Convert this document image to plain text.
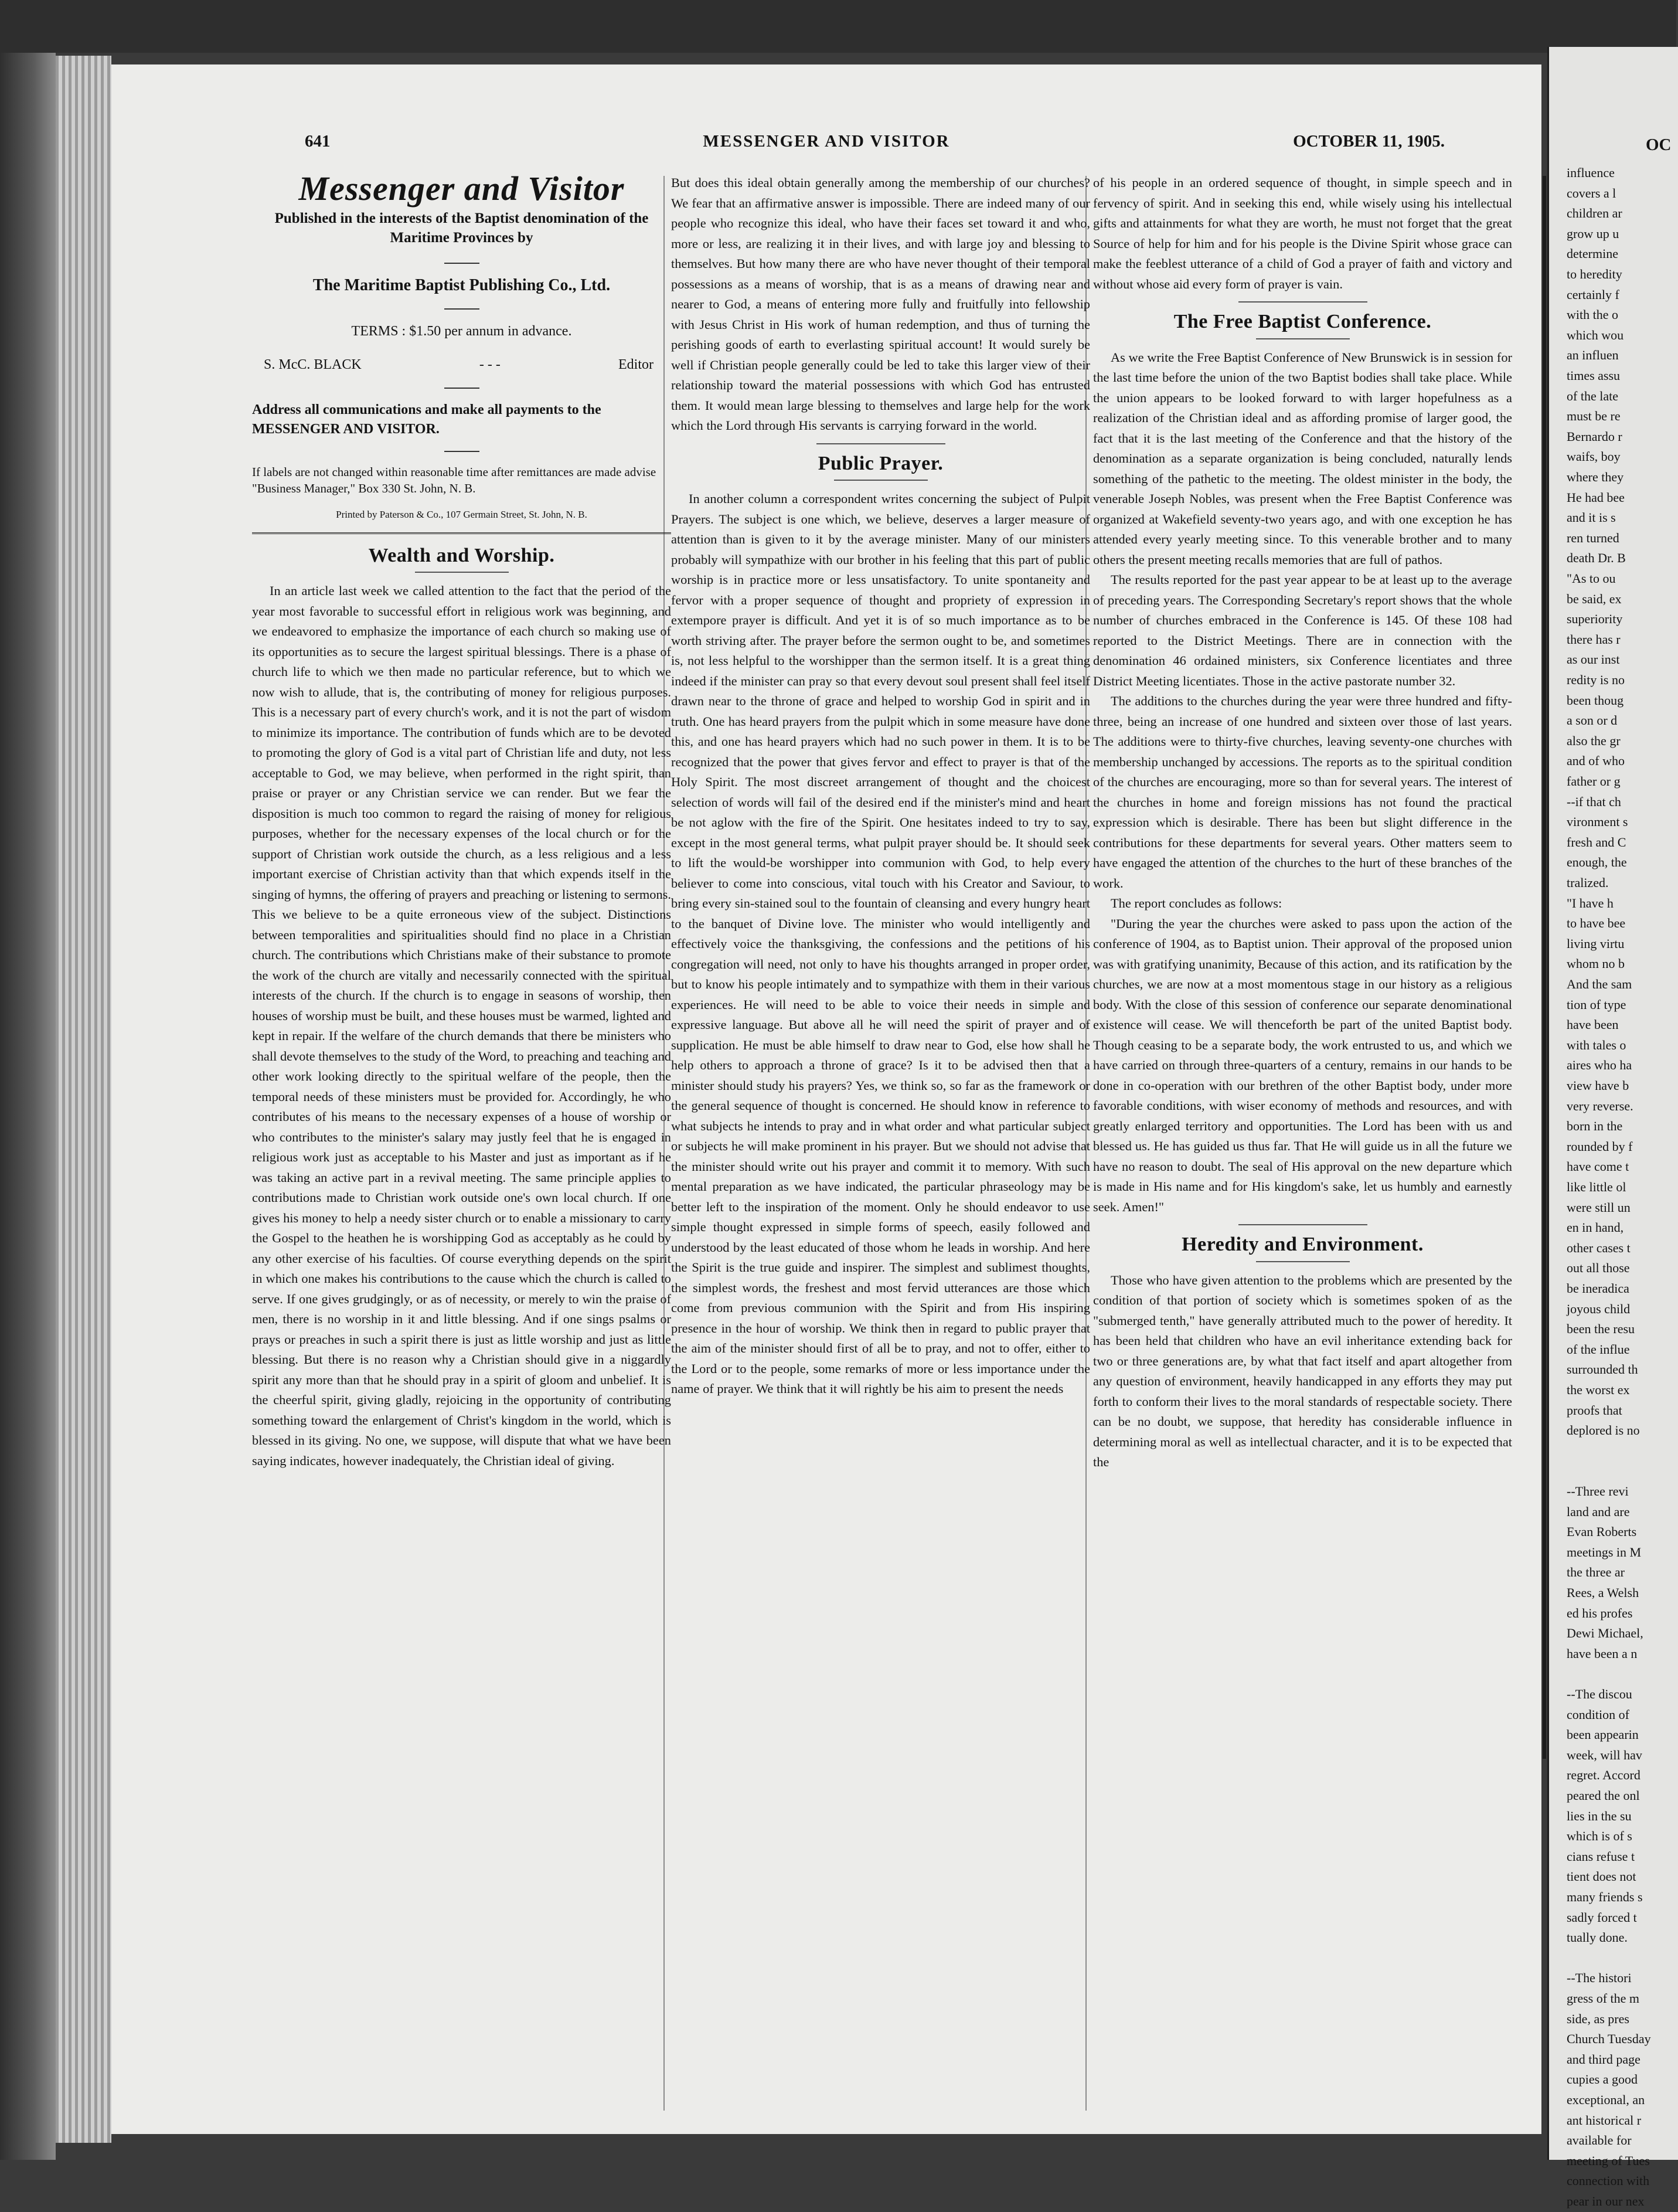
641	MESSENGER AND VISITOR	OCTOBER 11, 1905.
Messenger and Visitor
Published in the interests of the Baptist denomination of the Maritime Provinces by
The Maritime Baptist Publishing Co., Ltd.
TERMS : $1.50 per annum in advance.
S. McC. BLACK	- - -	Editor
Address all communications and make all payments to the MESSENGER AND VISITOR.
If labels are not changed within reasonable time after remittances are made advise "Business Manager," Box 330 St. John, N. B.
Printed by Paterson & Co., 107 Germain Street, St. John, N. B.
Wealth and Worship.

In an article last week we called attention to the fact that the period of the year most favorable to successful effort in religious work was beginning, and we endeavored to emphasize the importance of each church so making use of its opportunities as to secure the largest spiritual blessings. There is a phase of church life to which we then made no particular reference, but to which we now wish to allude, that is, the contributing of money for religious purposes. This is a necessary part of every church's work, and it is not the part of wisdom to minimize its importance. The contribution of funds which are to be devoted to promoting the glory of God is a vital part of Christian life and duty, not less acceptable to God, we may believe, when performed in the right spirit, than praise or prayer or any Christian service we can render. But we fear the disposition is much too common to regard the raising of money for religious purposes, whether for the necessary expenses of the local church or for the support of Christian work outside the church, as a less religious and a less important exercise of Christian activity than that which expends itself in the singing of hymns, the offering of prayers and preaching or listening to sermons. This we believe to be a quite erroneous view of the subject. Distinctions between temporalities and spiritualities should find no place in a Christian church. The contributions which Christians make of their substance to promote the work of the church are vitally and necessarily connected with the spiritual interests of the church. If the church is to engage in seasons of worship, then houses of worship must be built, and these houses must be warmed, lighted and kept in repair. If the welfare of the church demands that there be ministers who shall devote themselves to the study of the Word, to preaching and teaching and other work looking directly to the spiritual welfare of the people, then the temporal needs of these ministers must be provided for. Accordingly, he who contributes of his means to the necessary expenses of a house of worship or who contributes to the minister's salary may justly feel that he is engaged in religious work just as acceptable to his Master and just as important as if he was taking an active part in a revival meeting. The same principle applies to contributions made to Christian work outside one's own local church. If one gives his money to help a needy sister church or to enable a missionary to carry the Gospel to the heathen he is worshipping God as acceptably as he could by any other exercise of his faculties. Of course everything depends on the spirit in which one makes his contributions to the cause which the church is called to serve. If one gives grudgingly, or as of necessity, or merely to win the praise of men, there is no worship in it and little blessing. And if one sings psalms or prays or preaches in such a spirit there is just as little worship and just as little blessing. But there is no reason why a Christian should give in a niggardly spirit any more than that he should pray in a spirit of gloom and unbelief. It is the cheerful spirit, giving gladly, rejoicing in the opportunity of contributing something toward the enlargement of Christ's kingdom in the world, which is blessed in its giving. No one, we suppose, will dispute that what we have been saying indicates, however inadequately, the Christian ideal of giving.

But does this ideal obtain generally among the membership of our churches? We fear that an affirmative answer is impossible. There are indeed many of our people who recognize this ideal, who have their faces set toward it and who, more or less, are realizing it in their lives, and with large joy and blessing to themselves. But how many there are who have never thought of their temporal possessions as a means of worship, that is as a means of drawing near and nearer to God, a means of entering more fully and fruitfully into fellowship with Jesus Christ in His work of human redemption, and thus of turning the perishing goods of earth to everlasting spiritual account! It would surely be well if Christian people generally could be led to take this larger view of their relationship toward the material possessions with which God has entrusted them. It would mean large blessing to themselves and large help for the work which the Lord through His servants is carrying forward in the world.

Public Prayer.

In another column a correspondent writes concerning the subject of Pulpit Prayers. The subject is one which, we believe, deserves a larger measure of attention than is given to it by the average minister. Many of our ministers probably will sympathize with our brother in his feeling that this part of public worship is in practice more or less unsatisfactory. To unite spontaneity and fervor with a proper sequence of thought and propriety of expression in extempore prayer is difficult. And yet it is of so much importance as to be worth striving after. The prayer before the sermon ought to be, and sometimes is, not less helpful to the worshipper than the sermon itself. It is a great thing indeed if the minister can pray so that every devout soul present shall feel itself drawn near to the throne of grace and helped to worship God in spirit and in truth. One has heard prayers from the pulpit which in some measure have done this, and one has heard prayers which had no such power in them. It is to be recognized that the power that gives fervor and effect to prayer is that of the Holy Spirit. The most discreet arrangement of thought and the choicest selection of words will fail of the desired end if the minister's mind and heart be not aglow with the fire of the Spirit. One hesitates indeed to try to say, except in the most general terms, what pulpit prayer should be. It should seek to lift the would-be worshipper into communion with God, to help every believer to come into conscious, vital touch with his Creator and Saviour, to bring every sin-stained soul to the fountain of cleansing and every hungry heart to the banquet of Divine love. The minister who would intelligently and effectively voice the thanksgiving, the confessions and the petitions of his congregation will need, not only to have his thoughts arranged in proper order, but to know his people intimately and to sympathize with them in their various experiences. He will need to be able to voice their needs in simple and expressive language. But above all he will need the spirit of prayer and of supplication. He must be able himself to draw near to God, else how shall he help others to approach a throne of grace? Is it to be advised then that a minister should study his prayers? Yes, we think so, so far as the framework or the general sequence of thought is concerned. He should know in reference to what subjects he intends to pray and in what order and what particular subject or subjects he will make prominent in his prayer. But we should not advise that the minister should write out his prayer and commit it to memory. With such mental preparation as we have indicated, the particular phraseology may be better left to the inspiration of the moment. Only he should endeavor to use simple thought expressed in simple forms of speech, easily followed and understood by the least educated of those whom he leads in worship. And here the Spirit is the true guide and inspirer. The simplest and sublimest thoughts, the simplest words, the freshest and most fervid utterances are those which come from previous communion with the Spirit and from His inspiring presence in the hour of worship. We think then in regard to public prayer that the aim of the minister should first of all be to pray, and not to offer, either to the Lord or to the people, some remarks of more or less importance under the name of prayer. We think that it will rightly be his aim to present the needs

of his people in an ordered sequence of thought, in simple speech and in fervency of spirit. And in seeking this end, while wisely using his intellectual gifts and attainments for what they are worth, he must not forget that the great Source of help for him and for his people is the Divine Spirit whose grace can make the feeblest utterance of a child of God a prayer of faith and victory and without whose aid every form of prayer is vain.

The Free Baptist Conference.

As we write the Free Baptist Conference of New Brunswick is in session for the last time before the union of the two Baptist bodies shall take place. While the union appears to be looked forward to with larger hopefulness as a realization of the Christian ideal and as affording promise of larger good, the fact that it is the last meeting of the Conference and that the history of the denomination as a separate organization is being concluded, naturally lends something of the pathetic to the meeting. The oldest minister in the body, the venerable Joseph Nobles, was present when the Free Baptist Conference was organized at Wakefield seventy-two years ago, and with one exception he has attended every yearly meeting since. To this venerable brother and to many others the present meeting recalls memories that are full of pathos.

The results reported for the past year appear to be at least up to the average of preceding years. The Corresponding Secretary's report shows that the whole number of churches embraced in the Conference is 145. Of these 108 had reported to the District Meetings. There are in connection with the denomination 46 ordained ministers, six Conference licentiates and three District Meeting licentiates. Those in the active pastorate number 32.

The additions to the churches during the year were three hundred and fifty-three, being an increase of one hundred and sixteen over those of last years. The additions were to thirty-five churches, leaving seventy-one churches with membership unchanged by accessions. The reports as to the spiritual condition of the churches are encouraging, more so than for several years. The interest of the churches in home and foreign missions has not found the practical expression which is desirable. There has been but slight difference in the contributions for these departments for several years. Other matters seem to have engaged the attention of the churches to the hurt of these branches of the work.

The report concludes as follows:

"During the year the churches were asked to pass upon the action of the conference of 1904, as to Baptist union. Their approval of the proposed union was with gratifying unanimity, Because of this action, and its ratification by the churches, we are now at a most momentous stage in our history as a religious body. With the close of this session of conference our separate denominational existence will cease. We will thenceforth be part of the united Baptist body. Though ceasing to be a separate body, the work entrusted to us, and which we have carried on through three-quarters of a century, remains in our hands to be done in co-operation with our brethren of the other Baptist body, under more favorable conditions, with wiser economy of methods and resources, and with greatly enlarged territory and opportunities. The Lord has been with us and blessed us. He has guided us thus far. That He will guide us in all the future we have no reason to doubt. The seal of His approval on the new departure which is made in His name and for His kingdom's sake, let us humbly and earnestly seek. Amen!"

Heredity and Environment.

Those who have given attention to the problems which are presented by the condition of that portion of society which is sometimes spoken of as the "submerged tenth," have generally attributed much to the power of heredity. It has been held that children who have an evil inheritance extending back for two or three generations are, by what that fact itself and apart altogether from any question of environment, heavily handicapped in any efforts they may put forth to conform their lives to the moral standards of respectable society. There can be no doubt, we suppose, that heredity has considerable influence in determining moral as well as intellectual character, and it is to be expected that the

OC
influence
covers a l
children ar
grow up u
determine
to heredity
certainly f
with the o
which wou
an influen
times assu
of the late
must be re
Bernardo r
waifs, boy
where they
He had bee
and it is s
ren turned
death Dr. B
"As to ou
be said, ex
superiority
there has r
as our inst
redity is no
been thoug
a son or d
also the gr
and of who
father or g
--if that ch
vironment s
fresh and C
enough, the
tralized.
"I have h
to have bee
living virtu
whom no b
And the sam
tion of type
have been
with tales o
aires who ha
view have b
very reverse.
born in the
rounded by f
have come t
like little ol
were still un
en in hand,
other cases t
out all those
be ineradica
joyous child
been the resu
of the influe
surrounded th
the worst ex
proofs that
deplored is no
--Three revi
land and are
Evan Roberts
meetings in M
the three ar
Rees, a Welsh
ed his profes
Dewi Michael,
have been a n
--The discou
condition of
been appearin
week, will hav
regret. Accord
peared the onl
lies in the su
which is of s
cians refuse t
tient does not
many friends s
sadly forced t
tually done.
--The histori
gress of the m
side, as pres
Church Tuesday
and third page
cupies a good
exceptional, an
ant historical r
available for
meeting of Tues
connection with
pear in our nex
